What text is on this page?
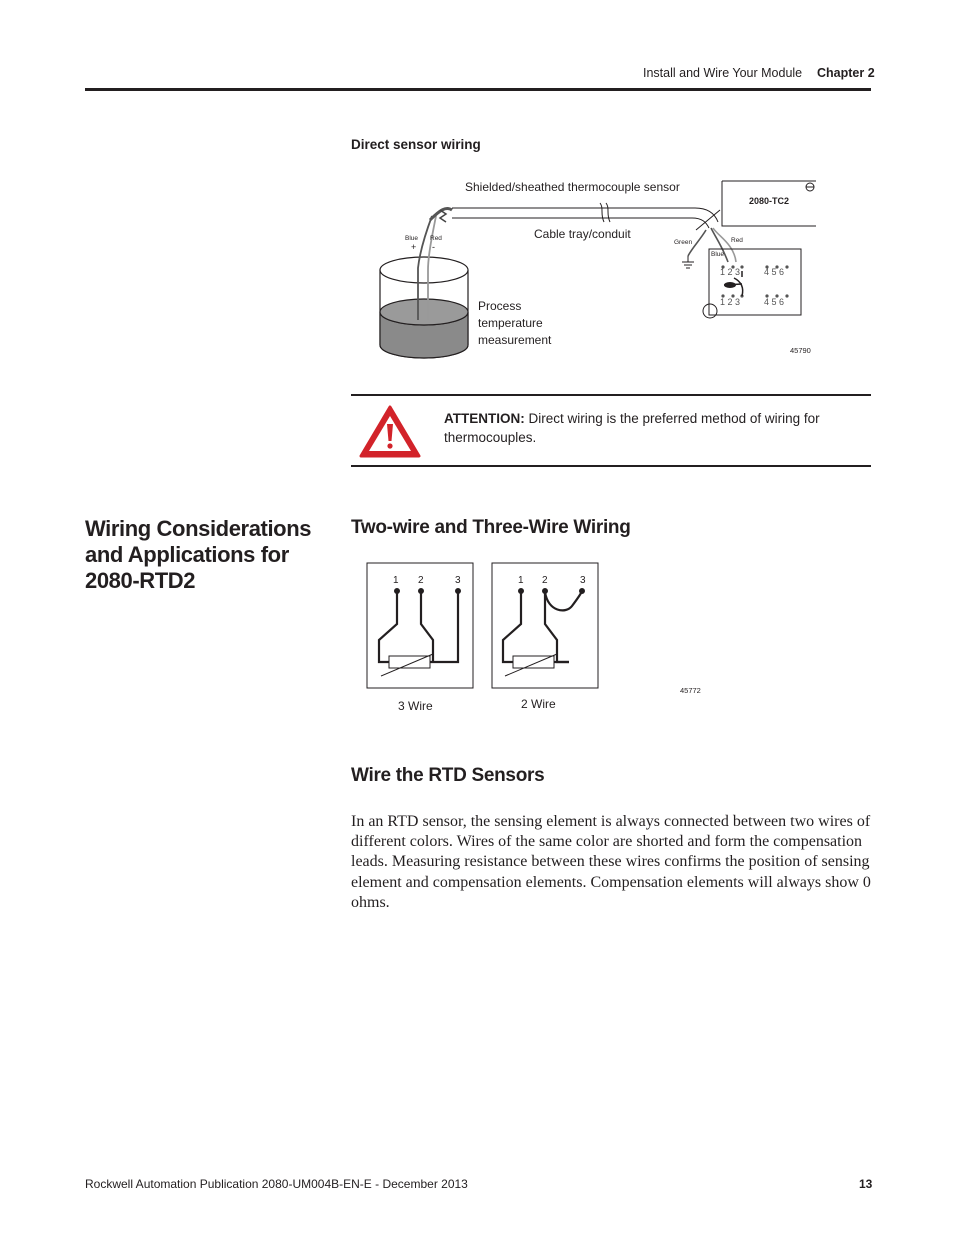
Install and Wire Your Module Chapter 2
Direct sensor wiring
Shielded/sheathed thermocouple sensor
Cable tray/conduit
Process
temperature
measurement
Blue Red
+ -
2080-TC2
Green	Red
Blue
1 2 3	4 5 6
1 2 3	4 5 6
45790
ATTENTION: Direct wiring is the preferred method of wiring for thermocouples.
Wiring Considerations and Applications for 2080-RTD2
Two-wire and Three-Wire Wiring
1 2	3
3 Wire
1 2	3
2 Wire
45772
Wire the RTD Sensors
In an RTD sensor, the sensing element is always connected between two wires of different colors. Wires of the same color are shorted and form the compensation leads. Measuring resistance between these wires confirms the position of sensing element and compensation elements. Compensation elements will always show 0 ohms.
Rockwell Automation Publication 2080-UM004B-EN-E - December 2013	13
